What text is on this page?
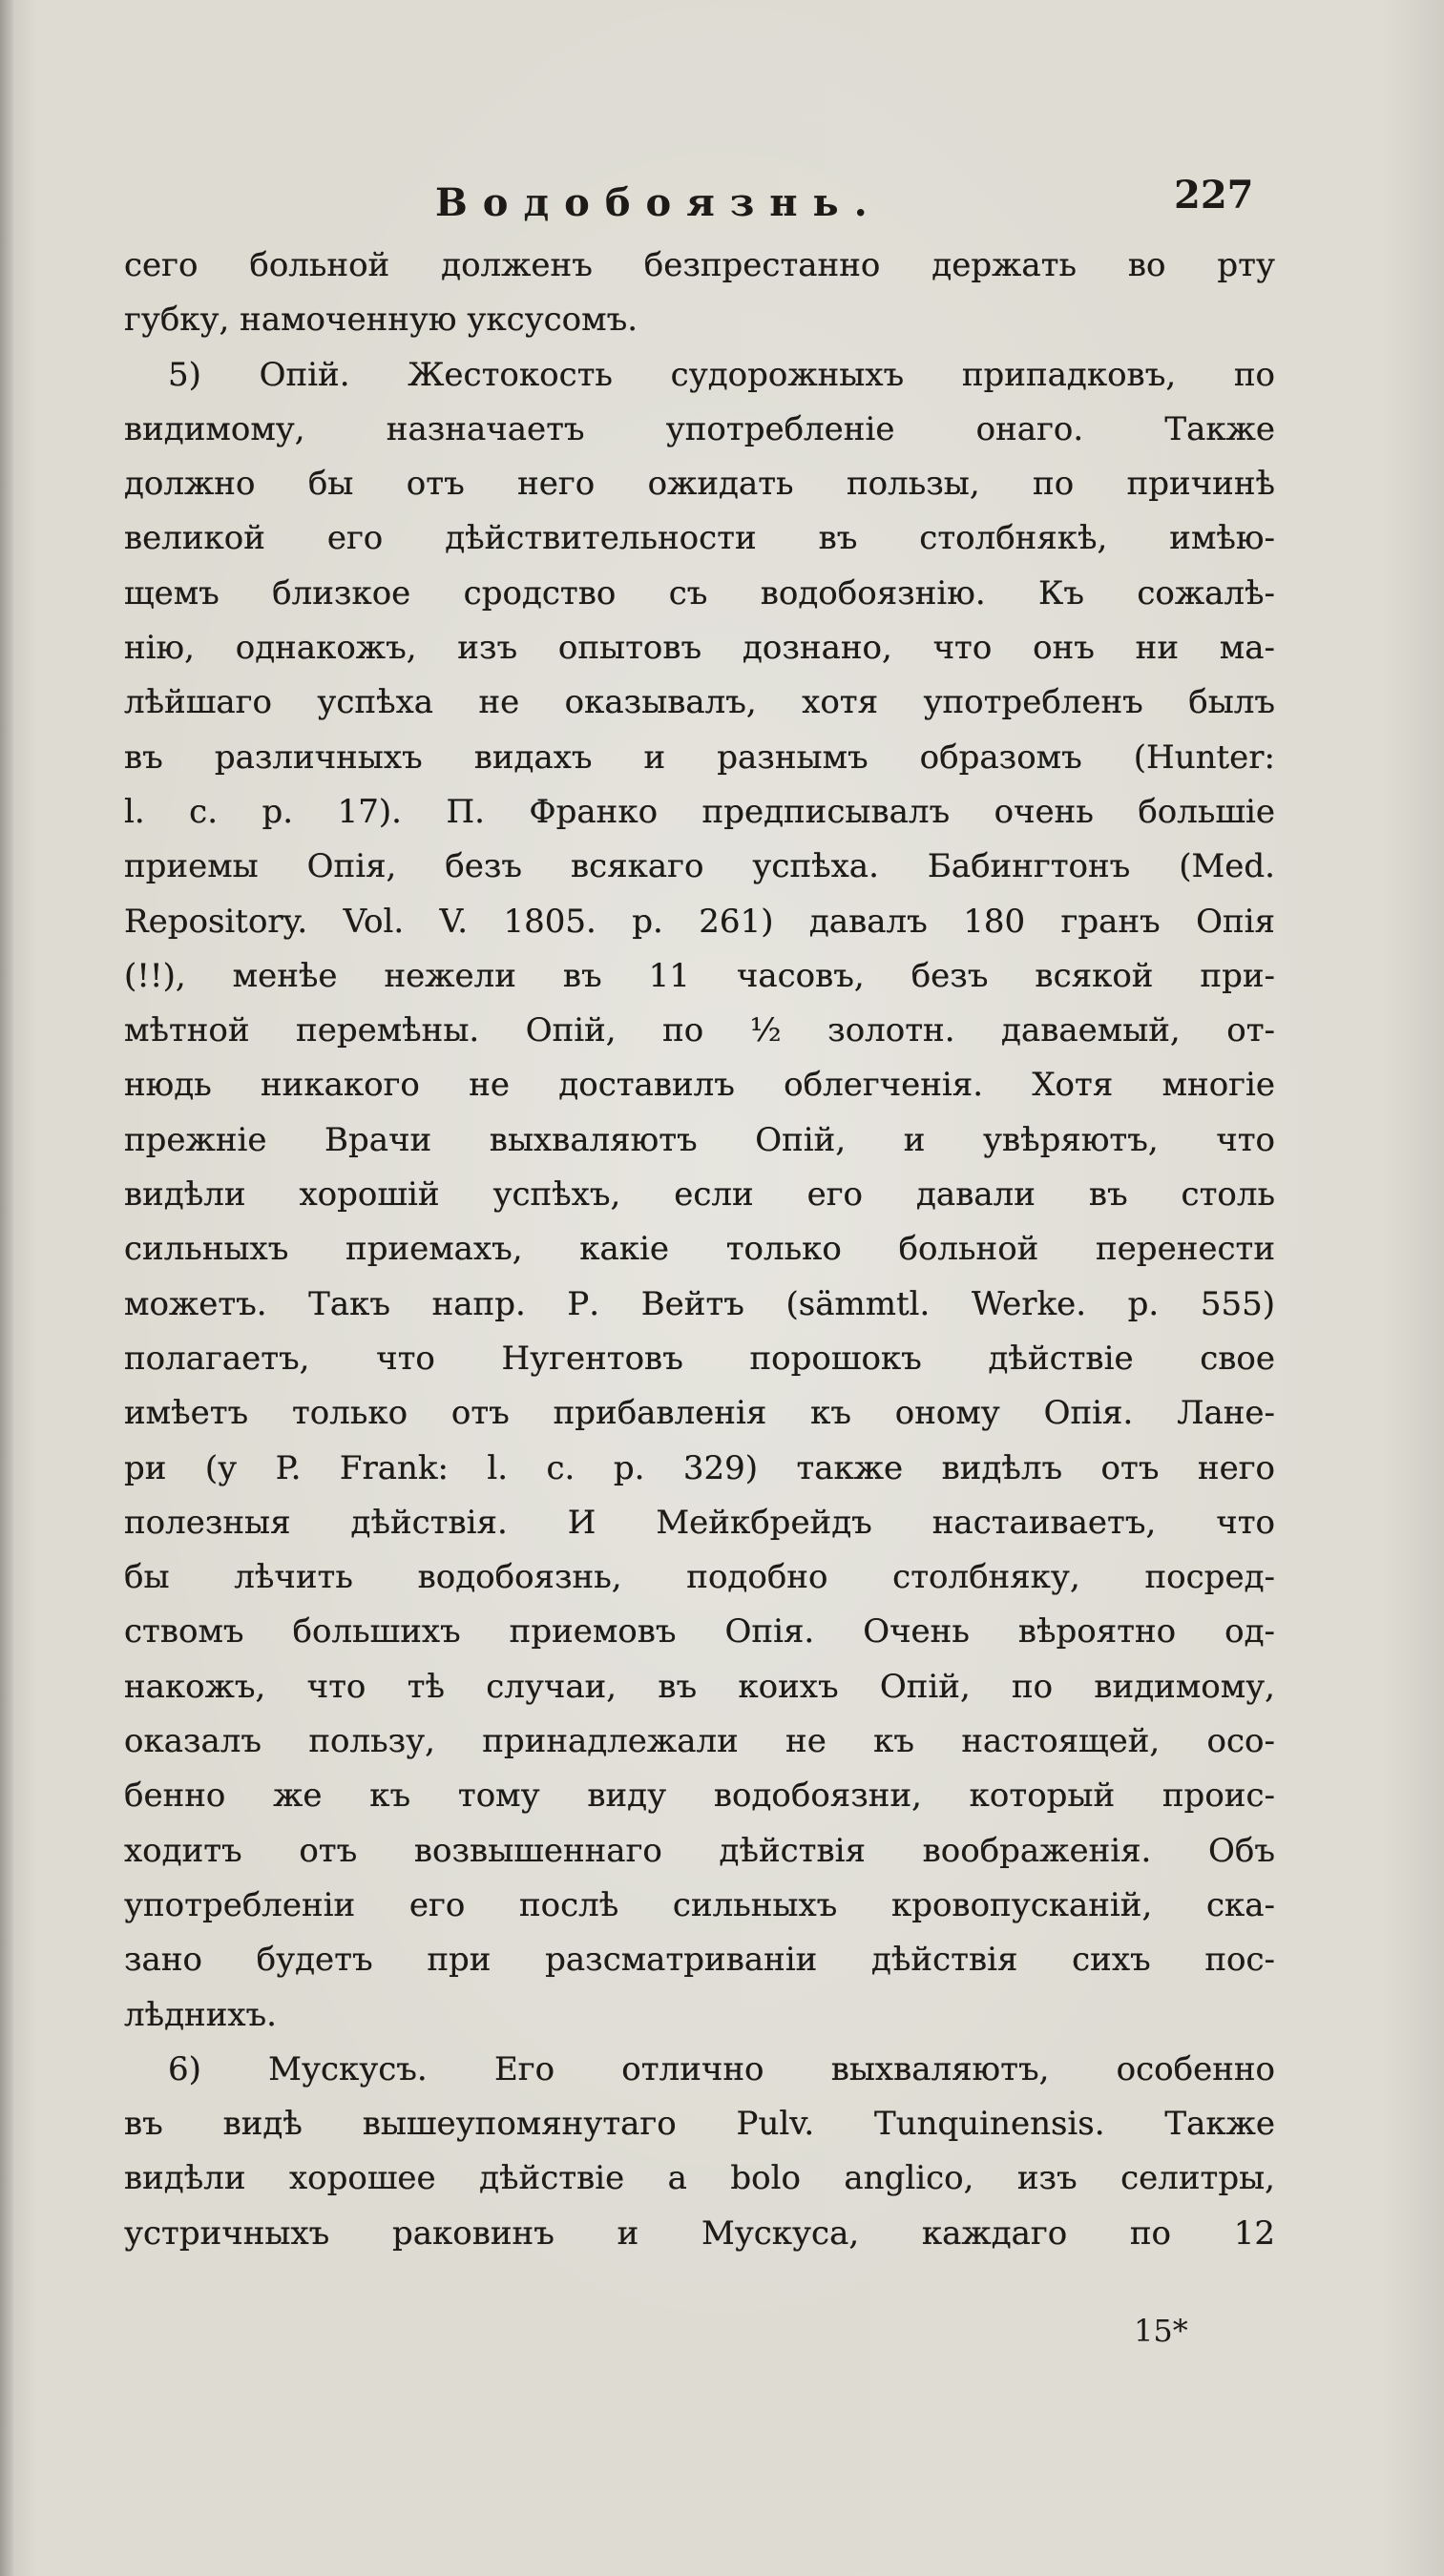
Водобоязнь.	227
сего больной долженъ безпрестанно держать во рту
губку, намоченную уксусомъ.
5) Опій. Жестокость судорожныхъ припадковъ, по
видимому, назначаетъ употребленіе онаго. Также
должно бы отъ него ожидать пользы, по причинѣ
великой его дѣйствительности въ столбнякѣ, имѣю-
щемъ близкое сродство съ водобоязнію. Къ сожалѣ-
нію, однакожъ, изъ опытовъ дознано, что онъ ни ма-
лѣйшаго успѣха не оказывалъ, хотя употребленъ былъ
въ различныхъ видахъ и разнымъ образомъ (Hunter:
l. c. p. 17). П. Франко предписывалъ очень большіе
приемы Опія, безъ всякаго успѣха. Бабингтонъ (Med.
Repository. Vol. V. 1805. p. 261) давалъ 180 гранъ Опія
(!!), менѣе нежели въ 11 часовъ, безъ всякой при-
мѣтной перемѣны. Опій, по ½ золотн. даваемый, от-
нюдь никакого не доставилъ облегченія. Хотя многіе
прежніе Врачи выхваляютъ Опій, и увѣряютъ, что
видѣли хорошій успѣхъ, если его давали въ столь
сильныхъ приемахъ, какіе только больной перенести
можетъ. Такъ напр. Р. Вейтъ (sämmtl. Werke. p. 555)
полагаетъ, что Нугентовъ порошокъ дѣйствіе свое
имѣетъ только отъ прибавленія къ оному Опія. Лане-
ри (у P. Frank: l. c. p. 329) также видѣлъ отъ него
полезныя дѣйствія. И Мейкбрейдъ настаиваетъ, что
бы лѣчить водобоязнь, подобно столбняку, посред-
ствомъ большихъ приемовъ Опія. Очень вѣроятно од-
накожъ, что тѣ случаи, въ коихъ Опій, по видимому,
оказалъ пользу, принадлежали не къ настоящей, осо-
бенно же къ тому виду водобоязни, который проис-
ходитъ отъ возвышеннаго дѣйствія воображенія. Объ
употребленіи его послѣ сильныхъ кровопусканій, ска-
зано будетъ при разсматриваніи дѣйствія сихъ пос-
лѣднихъ.
6) Мускусъ. Его отлично выхваляютъ, особенно
въ видѣ вышеупомянутаго Pulv. Tunquinensis. Также
видѣли хорошее дѣйствіе a bolo anglico, изъ селитры,
устричныхъ раковинъ и Мускуса, каждаго по 12
15*
